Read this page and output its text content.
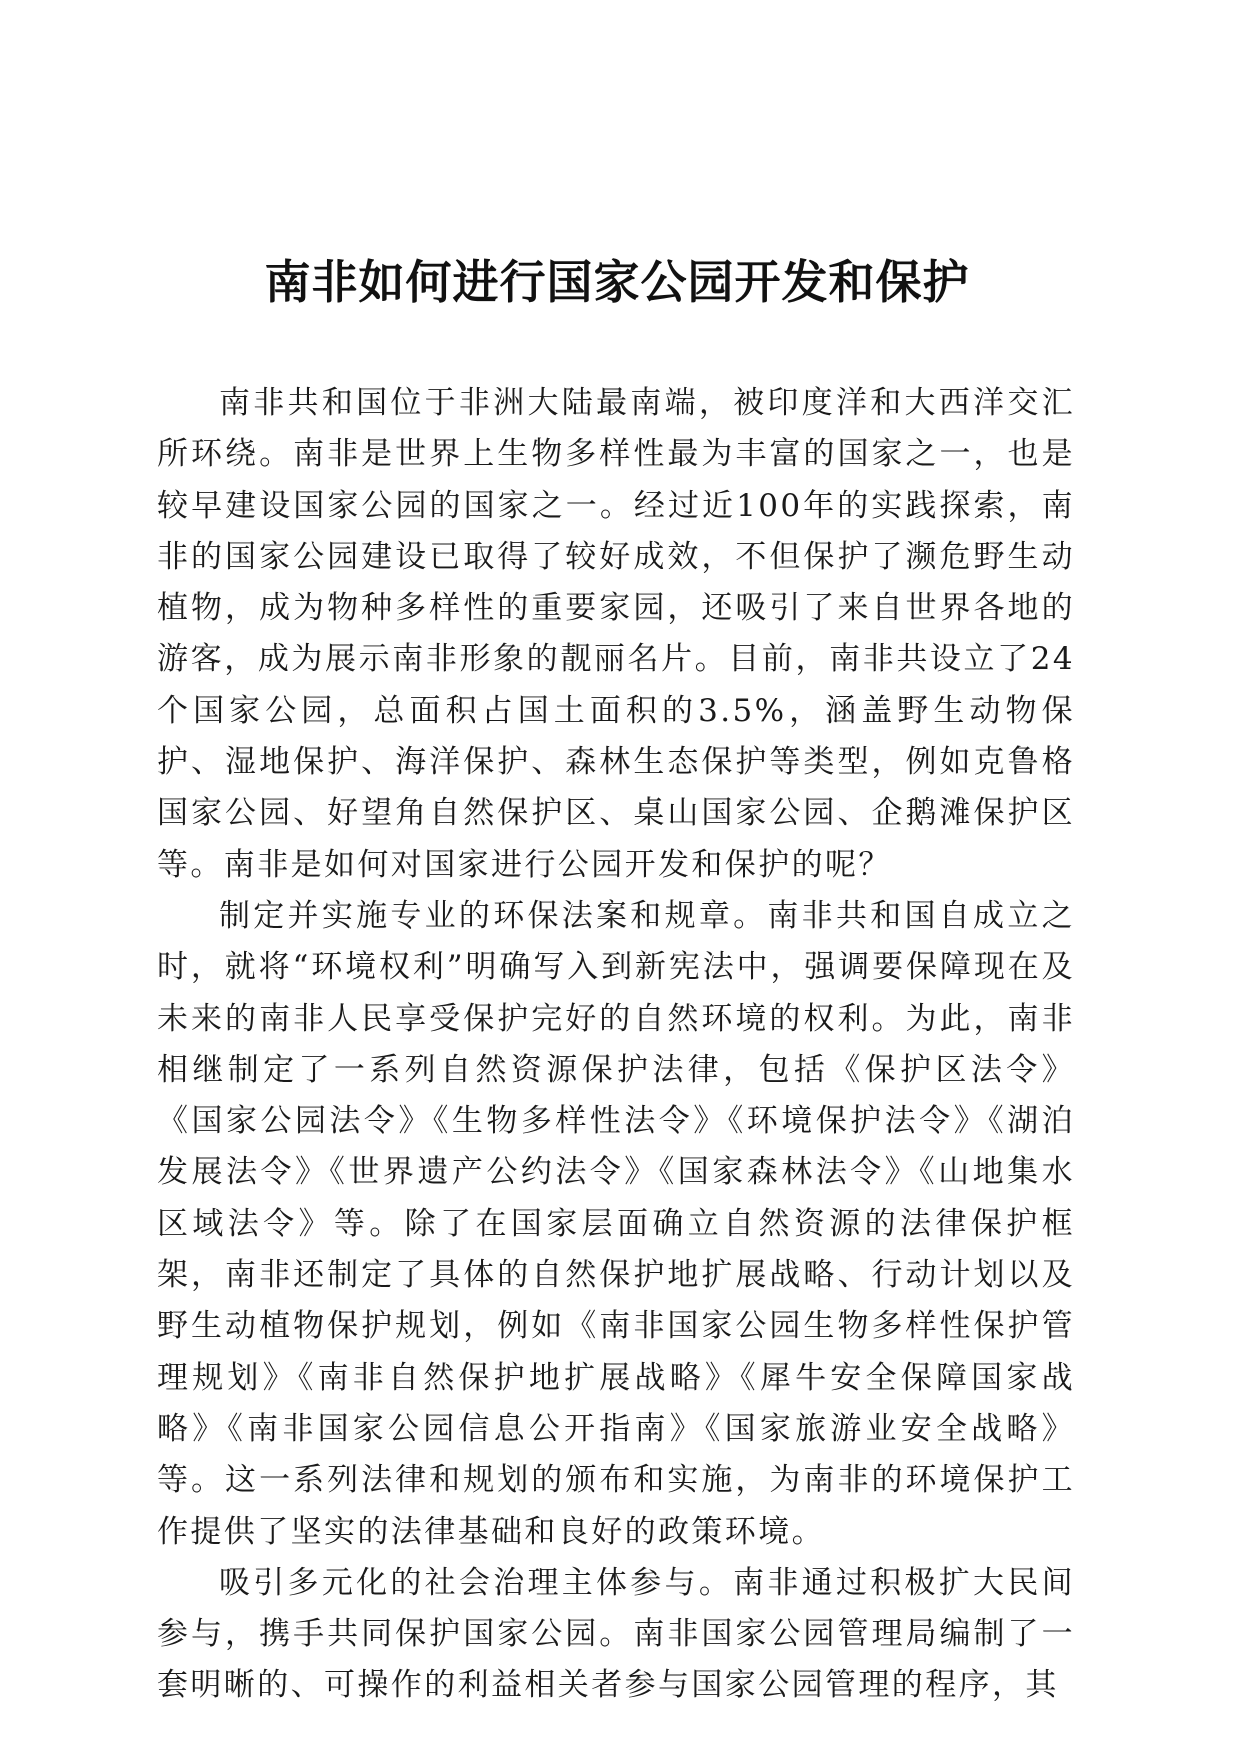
南非如何进行国家公园开发和保护

南非共和国位于非洲大陆最南端，被印度洋和大西洋交汇所环绕。南非是世界上生物多样性最为丰富的国家之一，也是较早建设国家公园的国家之一。经过近100年的实践探索，南非的国家公园建设已取得了较好成效，不但保护了濒危野生动植物，成为物种多样性的重要家园，还吸引了来自世界各地的游客，成为展示南非形象的靓丽名片。目前，南非共设立了24个国家公园，总面积占国土面积的3.5%，涵盖野生动物保护、湿地保护、海洋保护、森林生态保护等类型，例如克鲁格国家公园、好望角自然保护区、桌山国家公园、企鹅滩保护区等。南非是如何对国家进行公园开发和保护的呢？

制定并实施专业的环保法案和规章。南非共和国自成立之时，就将“环境权利”明确写入到新宪法中，强调要保障现在及未来的南非人民享受保护完好的自然环境的权利。为此，南非相继制定了一系列自然资源保护法律，包括《保护区法令》《国家公园法令》《生物多样性法令》《环境保护法令》《湖泊发展法令》《世界遗产公约法令》《国家森林法令》《山地集水区域法令》等。除了在国家层面确立自然资源的法律保护框架，南非还制定了具体的自然保护地扩展战略、行动计划以及野生动植物保护规划，例如《南非国家公园生物多样性保护管理规划》《南非自然保护地扩展战略》《犀牛安全保障国家战略》《南非国家公园信息公开指南》《国家旅游业安全战略》等。这一系列法律和规划的颁布和实施，为南非的环境保护工作提供了坚实的法律基础和良好的政策环境。

吸引多元化的社会治理主体参与。南非通过积极扩大民间参与，携手共同保护国家公园。南非国家公园管理局编制了一套明晰的、可操作的利益相关者参与国家公园管理的程序，其
